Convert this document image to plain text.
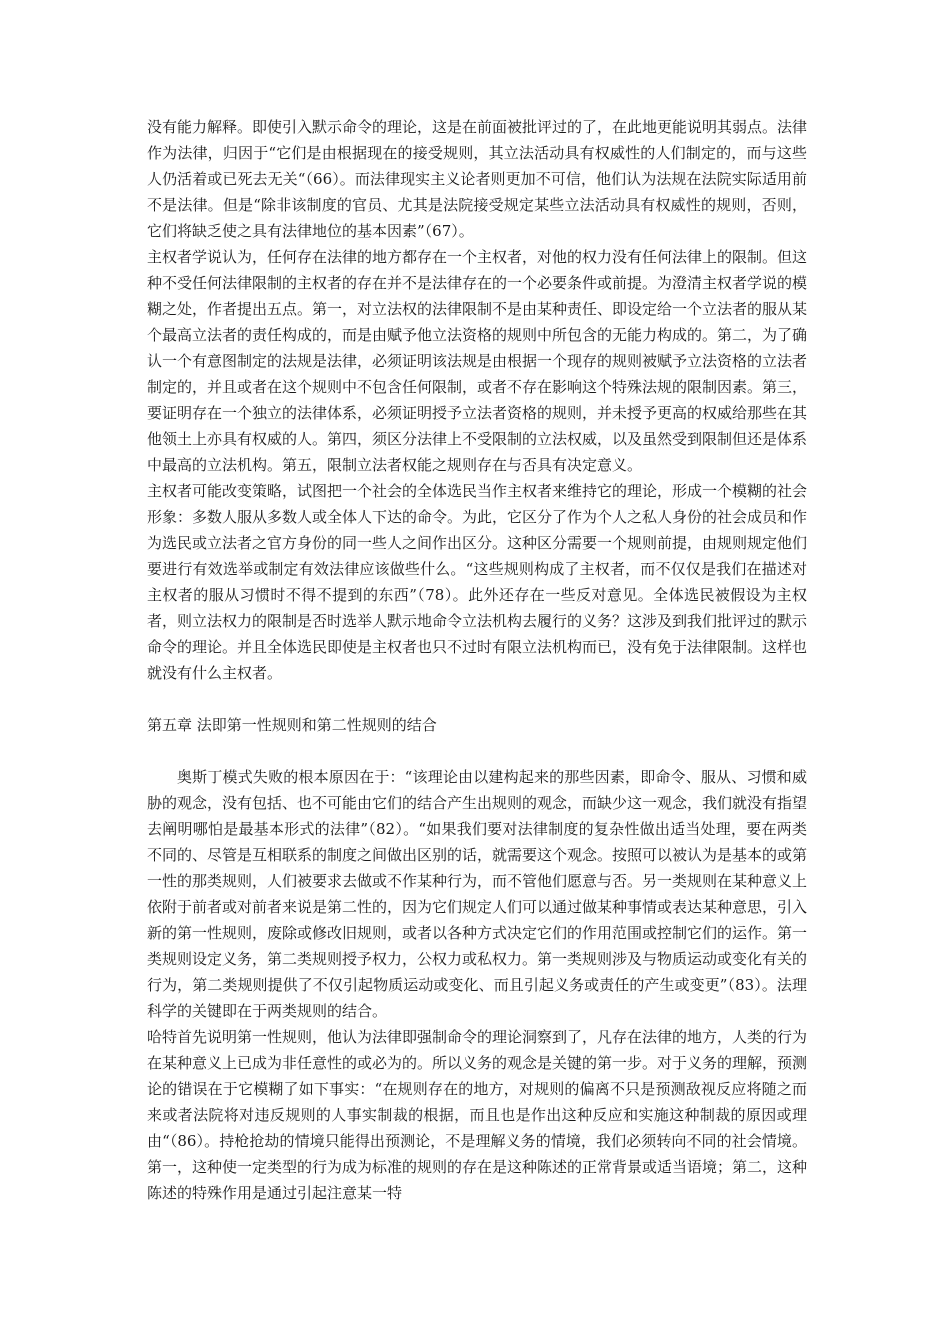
没有能力解释。即使引入默示命令的理论，这是在前面被批评过的了，在此地更能说明其弱点。法律作为法律，归因于“它们是由根据现在的接受规则，其立法活动具有权威性的人们制定的，而与这些人仍活着或已死去无关“（66）。而法律现实主义论者则更加不可信，他们认为法规在法院实际适用前不是法律。但是“除非该制度的官员、尤其是法院接受规定某些立法活动具有权威性的规则，否则，它们将缺乏使之具有法律地位的基本因素”（67）。

主权者学说认为，任何存在法律的地方都存在一个主权者，对他的权力没有任何法律上的限制。但这种不受任何法律限制的主权者的存在并不是法律存在的一个必要条件或前提。为澄清主权者学说的模糊之处，作者提出五点。第一，对立法权的法律限制不是由某种责任、即设定给一个立法者的服从某个最高立法者的责任构成的，而是由赋予他立法资格的规则中所包含的无能力构成的。第二，为了确认一个有意图制定的法规是法律，必须证明该法规是由根据一个现存的规则被赋予立法资格的立法者制定的，并且或者在这个规则中不包含任何限制，或者不存在影响这个特殊法规的限制因素。第三，要证明存在一个独立的法律体系，必须证明授予立法者资格的规则，并未授予更高的权威给那些在其他领土上亦具有权威的人。第四，须区分法律上不受限制的立法权威，以及虽然受到限制但还是体系中最高的立法机构。第五，限制立法者权能之规则存在与否具有决定意义。

主权者可能改变策略，试图把一个社会的全体选民当作主权者来维持它的理论，形成一个模糊的社会形象：多数人服从多数人或全体人下达的命令。为此，它区分了作为个人之私人身份的社会成员和作为选民或立法者之官方身份的同一些人之间作出区分。这种区分需要一个规则前提，由规则规定他们要进行有效选举或制定有效法律应该做些什么。“这些规则构成了主权者，而不仅仅是我们在描述对主权者的服从习惯时不得不提到的东西”（78）。此外还存在一些反对意见。全体选民被假设为主权者，则立法权力的限制是否时选举人默示地命令立法机构去履行的义务？这涉及到我们批评过的默示命令的理论。并且全体选民即使是主权者也只不过时有限立法机构而已，没有免于法律限制。这样也就没有什么主权者。

第五章 法即第一性规则和第二性规则的结合

奥斯丁模式失败的根本原因在于：“该理论由以建构起来的那些因素，即命令、服从、习惯和威胁的观念，没有包括、也不可能由它们的结合产生出规则的观念，而缺少这一观念，我们就没有指望去阐明哪怕是最基本形式的法律”（82）。“如果我们要对法律制度的复杂性做出适当处理，要在两类不同的、尽管是互相联系的制度之间做出区别的话，就需要这个观念。按照可以被认为是基本的或第一性的那类规则，人们被要求去做或不作某种行为，而不管他们愿意与否。另一类规则在某种意义上依附于前者或对前者来说是第二性的，因为它们规定人们可以通过做某种事情或表达某种意思，引入新的第一性规则，废除或修改旧规则，或者以各种方式决定它们的作用范围或控制它们的运作。第一类规则设定义务，第二类规则授予权力，公权力或私权力。第一类规则涉及与物质运动或变化有关的行为，第二类规则提供了不仅引起物质运动或变化、而且引起义务或责任的产生或变更”（83）。法理科学的关键即在于两类规则的结合。

哈特首先说明第一性规则，他认为法律即强制命令的理论洞察到了，凡存在法律的地方，人类的行为在某种意义上已成为非任意性的或必为的。所以义务的观念是关键的第一步。对于义务的理解，预测论的错误在于它模糊了如下事实：“在规则存在的地方，对规则的偏离不只是预测敌视反应将随之而来或者法院将对违反规则的人事实制裁的根据，而且也是作出这种反应和实施这种制裁的原因或理由“（86）。持枪抢劫的情境只能得出预测论，不是理解义务的情境，我们必须转向不同的社会情境。第一，这种使一定类型的行为成为标准的规则的存在是这种陈述的正常背景或适当语境；第二，这种陈述的特殊作用是通过引起注意某一特
